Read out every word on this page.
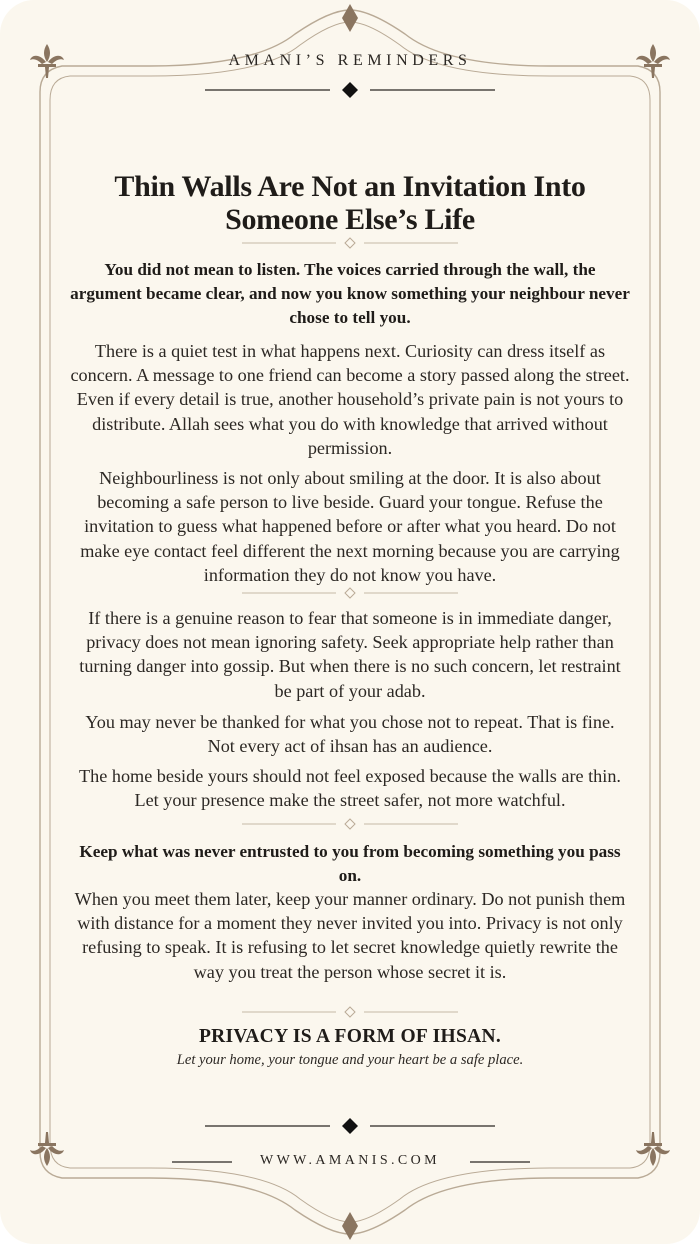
AMANI’S REMINDERS
Thin Walls Are Not an Invitation Into Someone Else’s Life

You did not mean to listen. The voices carried through the wall, the argument became clear, and now you know something your neighbour never chose to tell you.

There is a quiet test in what happens next. Curiosity can dress itself as concern. A message to one friend can become a story passed along the street. Even if every detail is true, another household’s private pain is not yours to distribute. Allah sees what you do with knowledge that arrived without permission.

Neighbourliness is not only about smiling at the door. It is also about becoming a safe person to live beside. Guard your tongue. Refuse the invitation to guess what happened before or after what you heard. Do not make eye contact feel different the next morning because you are carrying information they do not know you have.

If there is a genuine reason to fear that someone is in immediate danger, privacy does not mean ignoring safety. Seek appropriate help rather than turning danger into gossip. But when there is no such concern, let restraint be part of your adab.

You may never be thanked for what you chose not to repeat. That is fine. Not every act of ihsan has an audience.

The home beside yours should not feel exposed because the walls are thin. Let your presence make the street safer, not more watchful.

Keep what was never entrusted to you from becoming something you pass on.

When you meet them later, keep your manner ordinary. Do not punish them with distance for a moment they never invited you into. Privacy is not only refusing to speak. It is refusing to let secret knowledge quietly rewrite the way you treat the person whose secret it is.

PRIVACY IS A FORM OF IHSAN.
Let your home, your tongue and your heart be a safe place.
WWW.AMANIS.COM
